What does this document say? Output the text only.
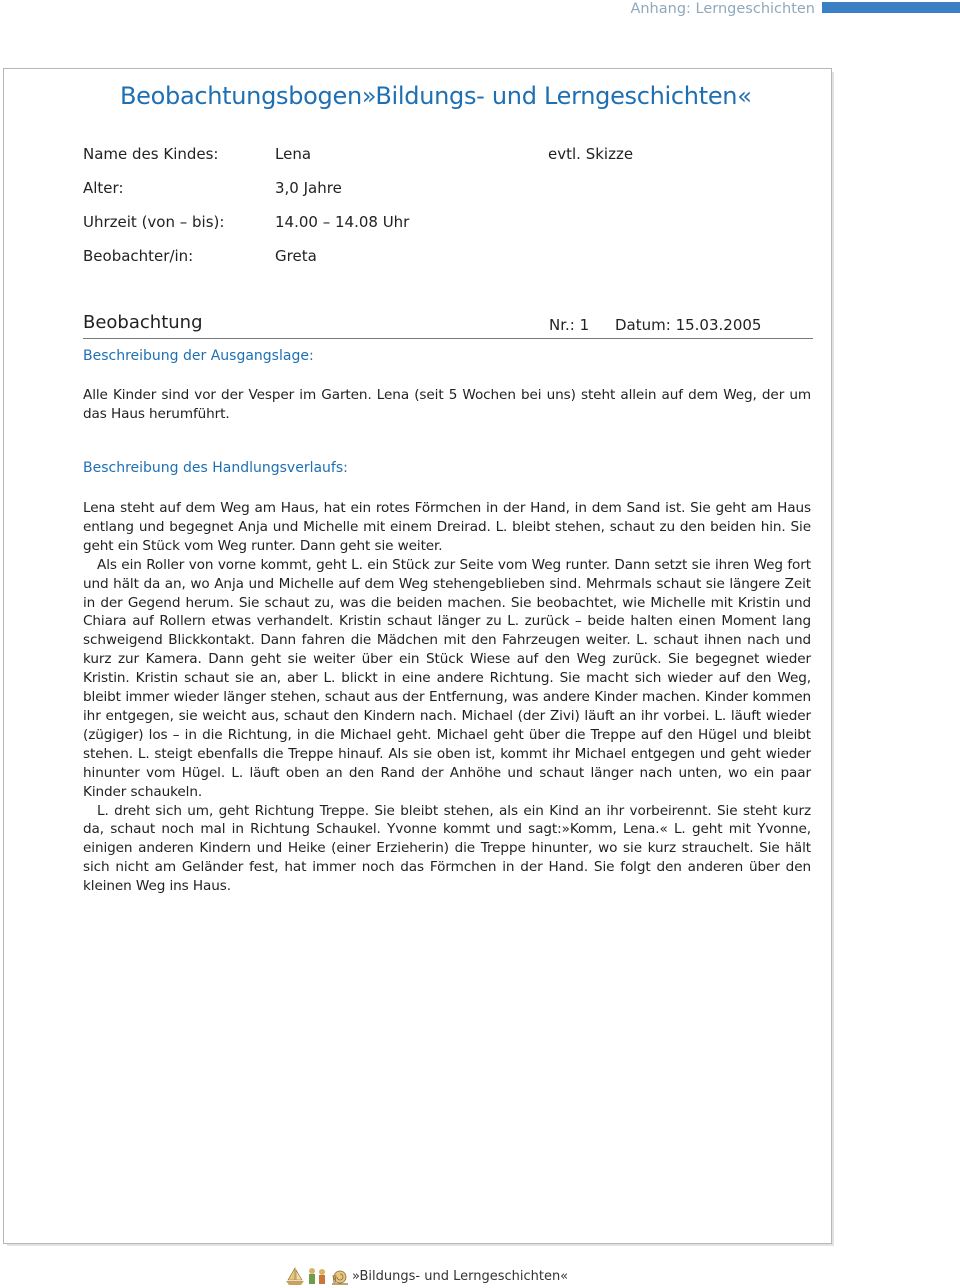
Anhang: Lerngeschichten
Beobachtungsbogen»Bildungs- und Lerngeschichten«
Name des Kindes:	Lena
Alter:	3,0 Jahre
Uhrzeit (von – bis):	14.00 – 14.08 Uhr
Beobachter/in:	Greta
evtl. Skizze
Beobachtung	Nr.: 1 Datum: 15.03.2005
Beschreibung der Ausgangslage:

Alle Kinder sind vor der Vesper im Garten. Lena (seit 5 Wochen bei uns) steht allein auf dem Weg, der um das Haus herumführt.

Beschreibung des Handlungsverlaufs:

Lena steht auf dem Weg am Haus, hat ein rotes Förmchen in der Hand, in dem Sand ist. Sie geht am Haus entlang und begegnet Anja und Michelle mit einem Dreirad. L. bleibt stehen, schaut zu den beiden hin. Sie geht ein Stück vom Weg runter. Dann geht sie weiter.

Als ein Roller von vorne kommt, geht L. ein Stück zur Seite vom Weg runter. Dann setzt sie ihren Weg fort und hält da an, wo Anja und Michelle auf dem Weg stehengeblieben sind. Mehrmals schaut sie längere Zeit in der Gegend herum. Sie schaut zu, was die beiden machen. Sie beobachtet, wie Michelle mit Kristin und Chiara auf Rollern etwas verhandelt. Kristin schaut länger zu L. zurück – beide halten einen Moment lang schweigend Blickkontakt. Dann fahren die Mädchen mit den Fahrzeugen weiter. L. schaut ihnen nach und kurz zur Kamera. Dann geht sie weiter über ein Stück Wiese auf den Weg zurück. Sie begegnet wieder Kristin. Kristin schaut sie an, aber L. blickt in eine andere Richtung. Sie macht sich wieder auf den Weg, bleibt immer wieder länger stehen, schaut aus der Entfernung, was andere Kinder machen. Kinder kommen ihr entgegen, sie weicht aus, schaut den Kindern nach. Michael (der Zivi) läuft an ihr vorbei. L. läuft wieder (zügiger) los – in die Richtung, in die Michael geht. Michael geht über die Treppe auf den Hügel und bleibt stehen. L. steigt ebenfalls die Treppe hinauf. Als sie oben ist, kommt ihr Michael entgegen und geht wieder hinunter vom Hügel. L. läuft oben an den Rand der Anhöhe und schaut länger nach unten, wo ein paar Kinder schaukeln.

L. dreht sich um, geht Richtung Treppe. Sie bleibt stehen, als ein Kind an ihr vorbeirennt. Sie steht kurz da, schaut noch mal in Richtung Schaukel. Yvonne kommt und sagt:»Komm, Lena.« L. geht mit Yvonne, einigen anderen Kindern und Heike (einer Erzieherin) die Treppe hinunter, wo sie kurz strauchelt. Sie hält sich nicht am Geländer fest, hat immer noch das Förmchen in der Hand. Sie folgt den anderen über den kleinen Weg ins Haus.

»Bildungs- und Lerngeschichten«
